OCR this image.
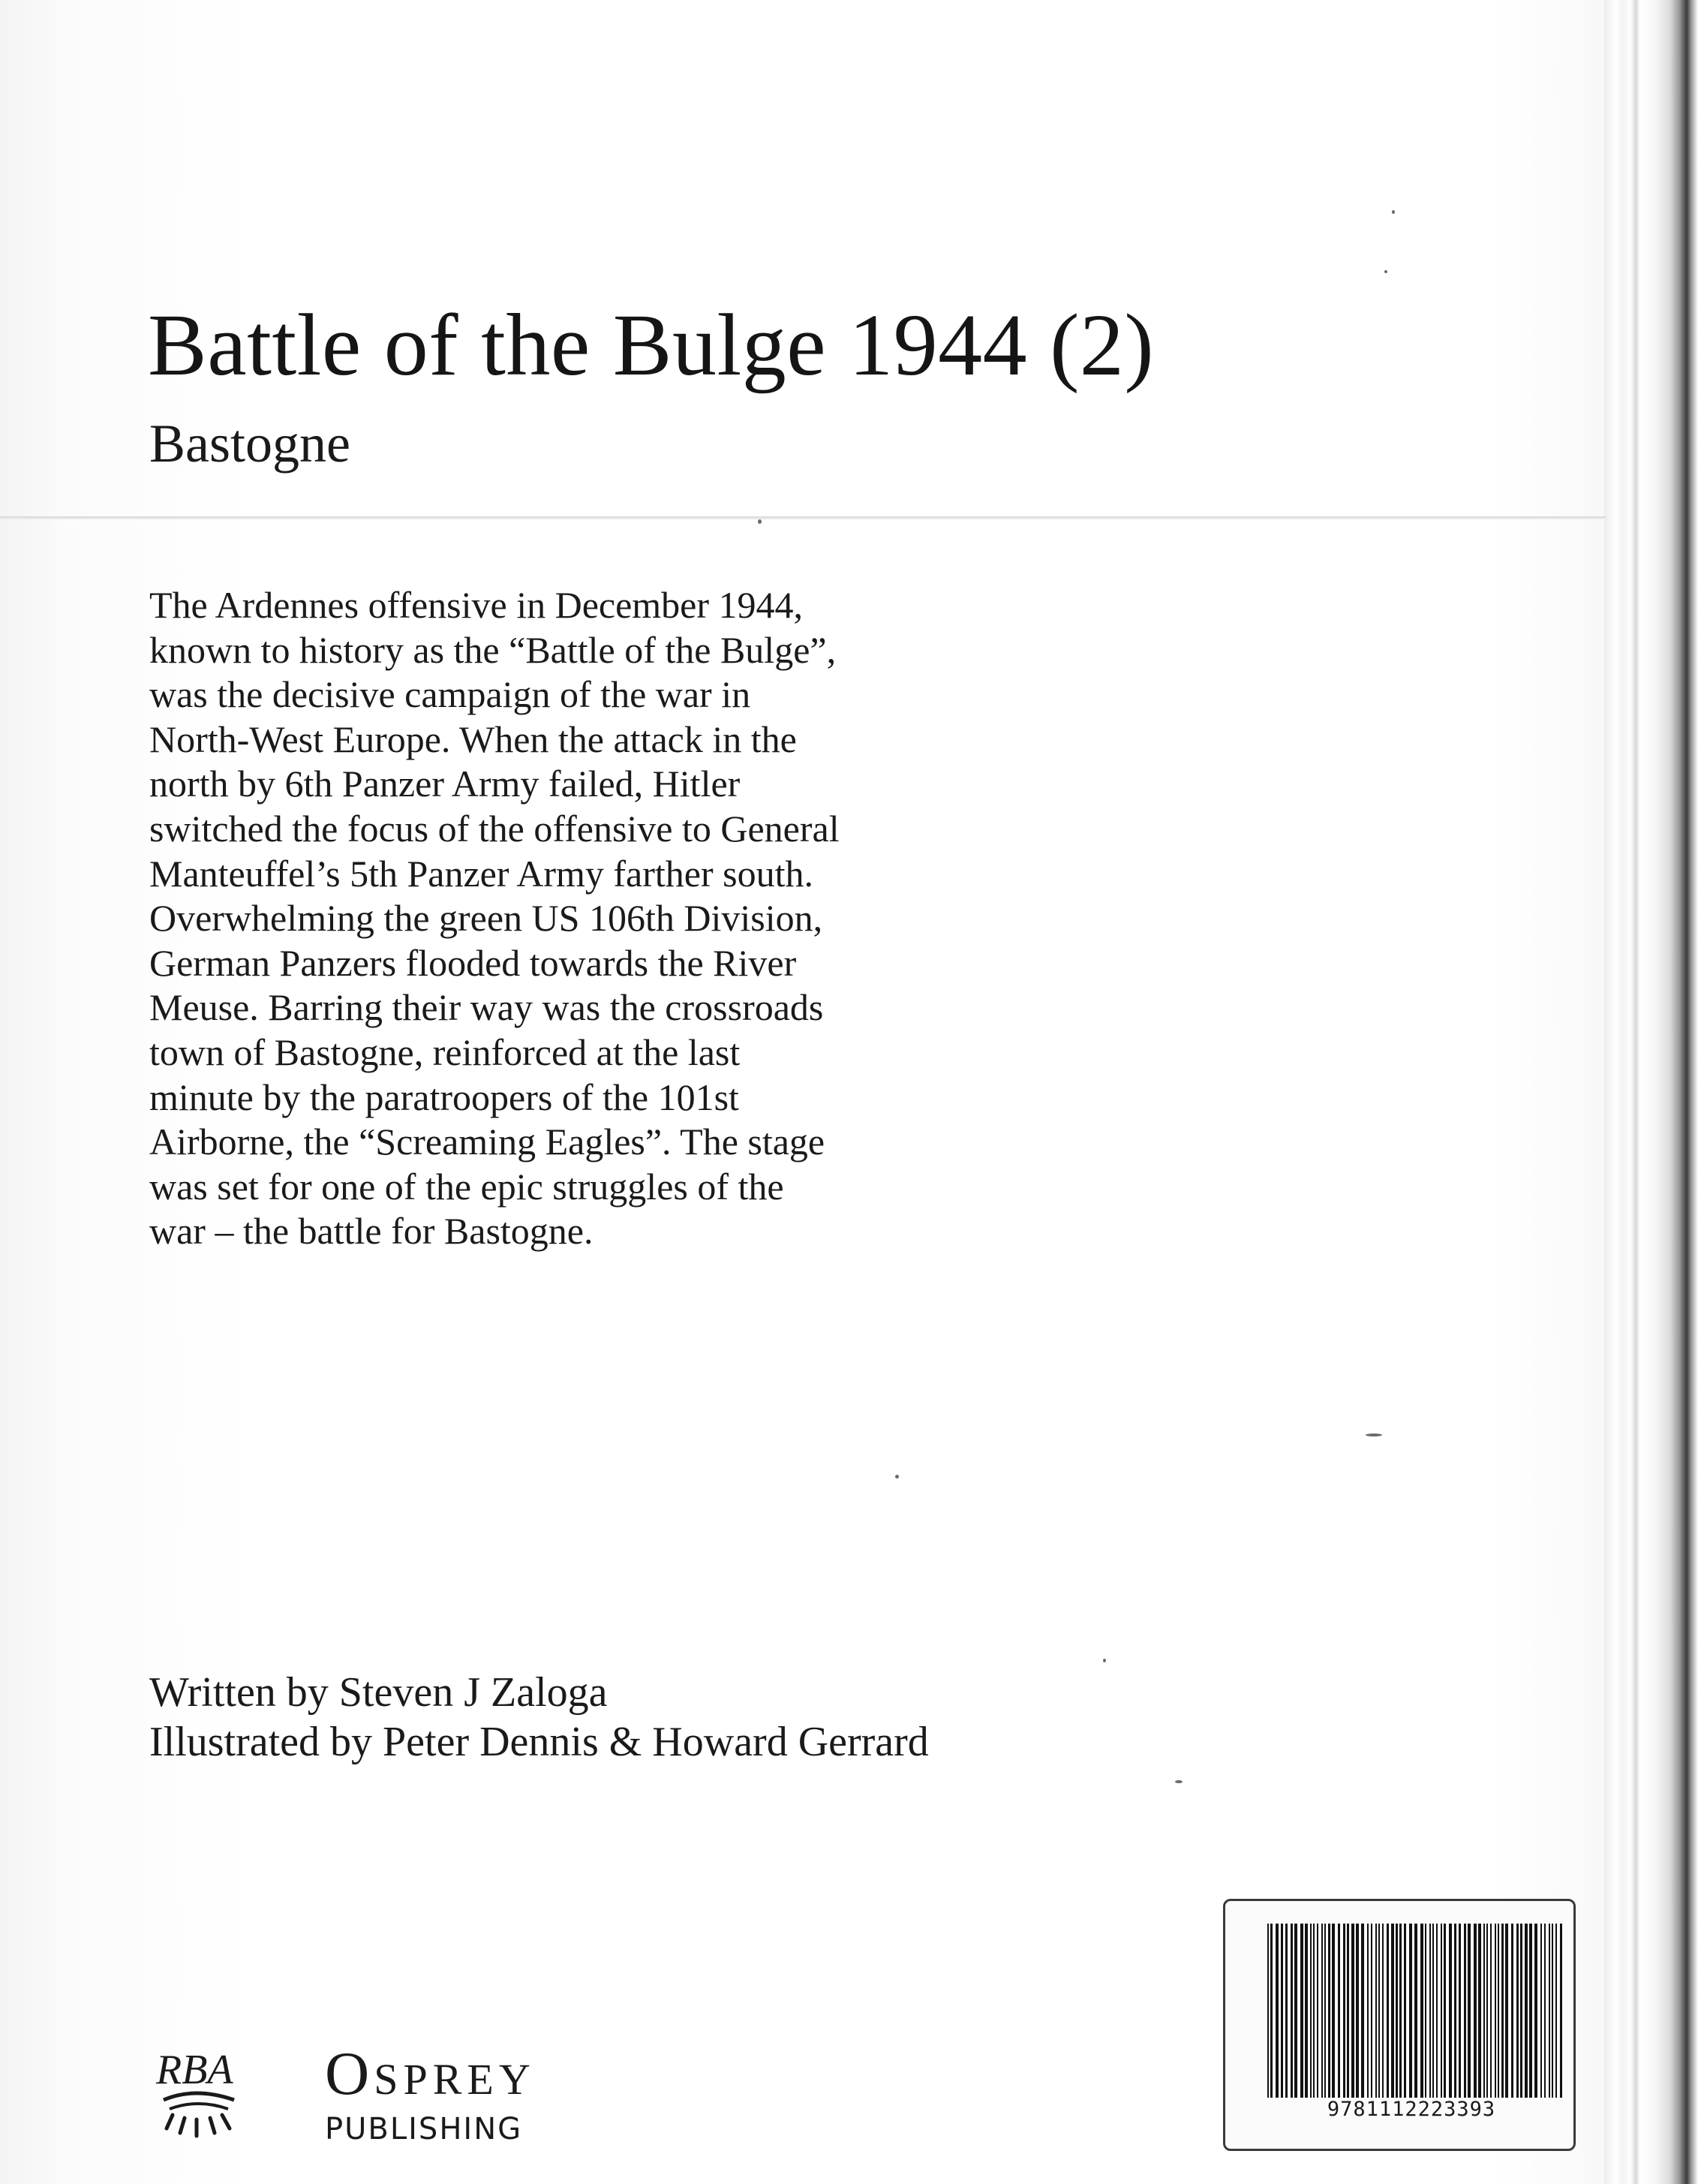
Battle of the Bulge 1944 (2)
Bastogne
The Ardennes offensive in December 1944,
known to history as the “Battle of the Bulge”,
was the decisive campaign of the war in
North-West Europe. When the attack in the
north by 6th Panzer Army failed, Hitler
switched the focus of the offensive to General
Manteuffel’s 5th Panzer Army farther south.
Overwhelming the green US 106th Division,
German Panzers flooded towards the River
Meuse. Barring their way was the crossroads
town of Bastogne, reinforced at the last
minute by the paratroopers of the 101st
Airborne, the “Screaming Eagles”. The stage
was set for one of the epic struggles of the
war – the battle for Bastogne.
Written by Steven J Zaloga
Illustrated by Peter Dennis & Howard Gerrard
RBA OSPREY
PUBLISHING
9781112223393
